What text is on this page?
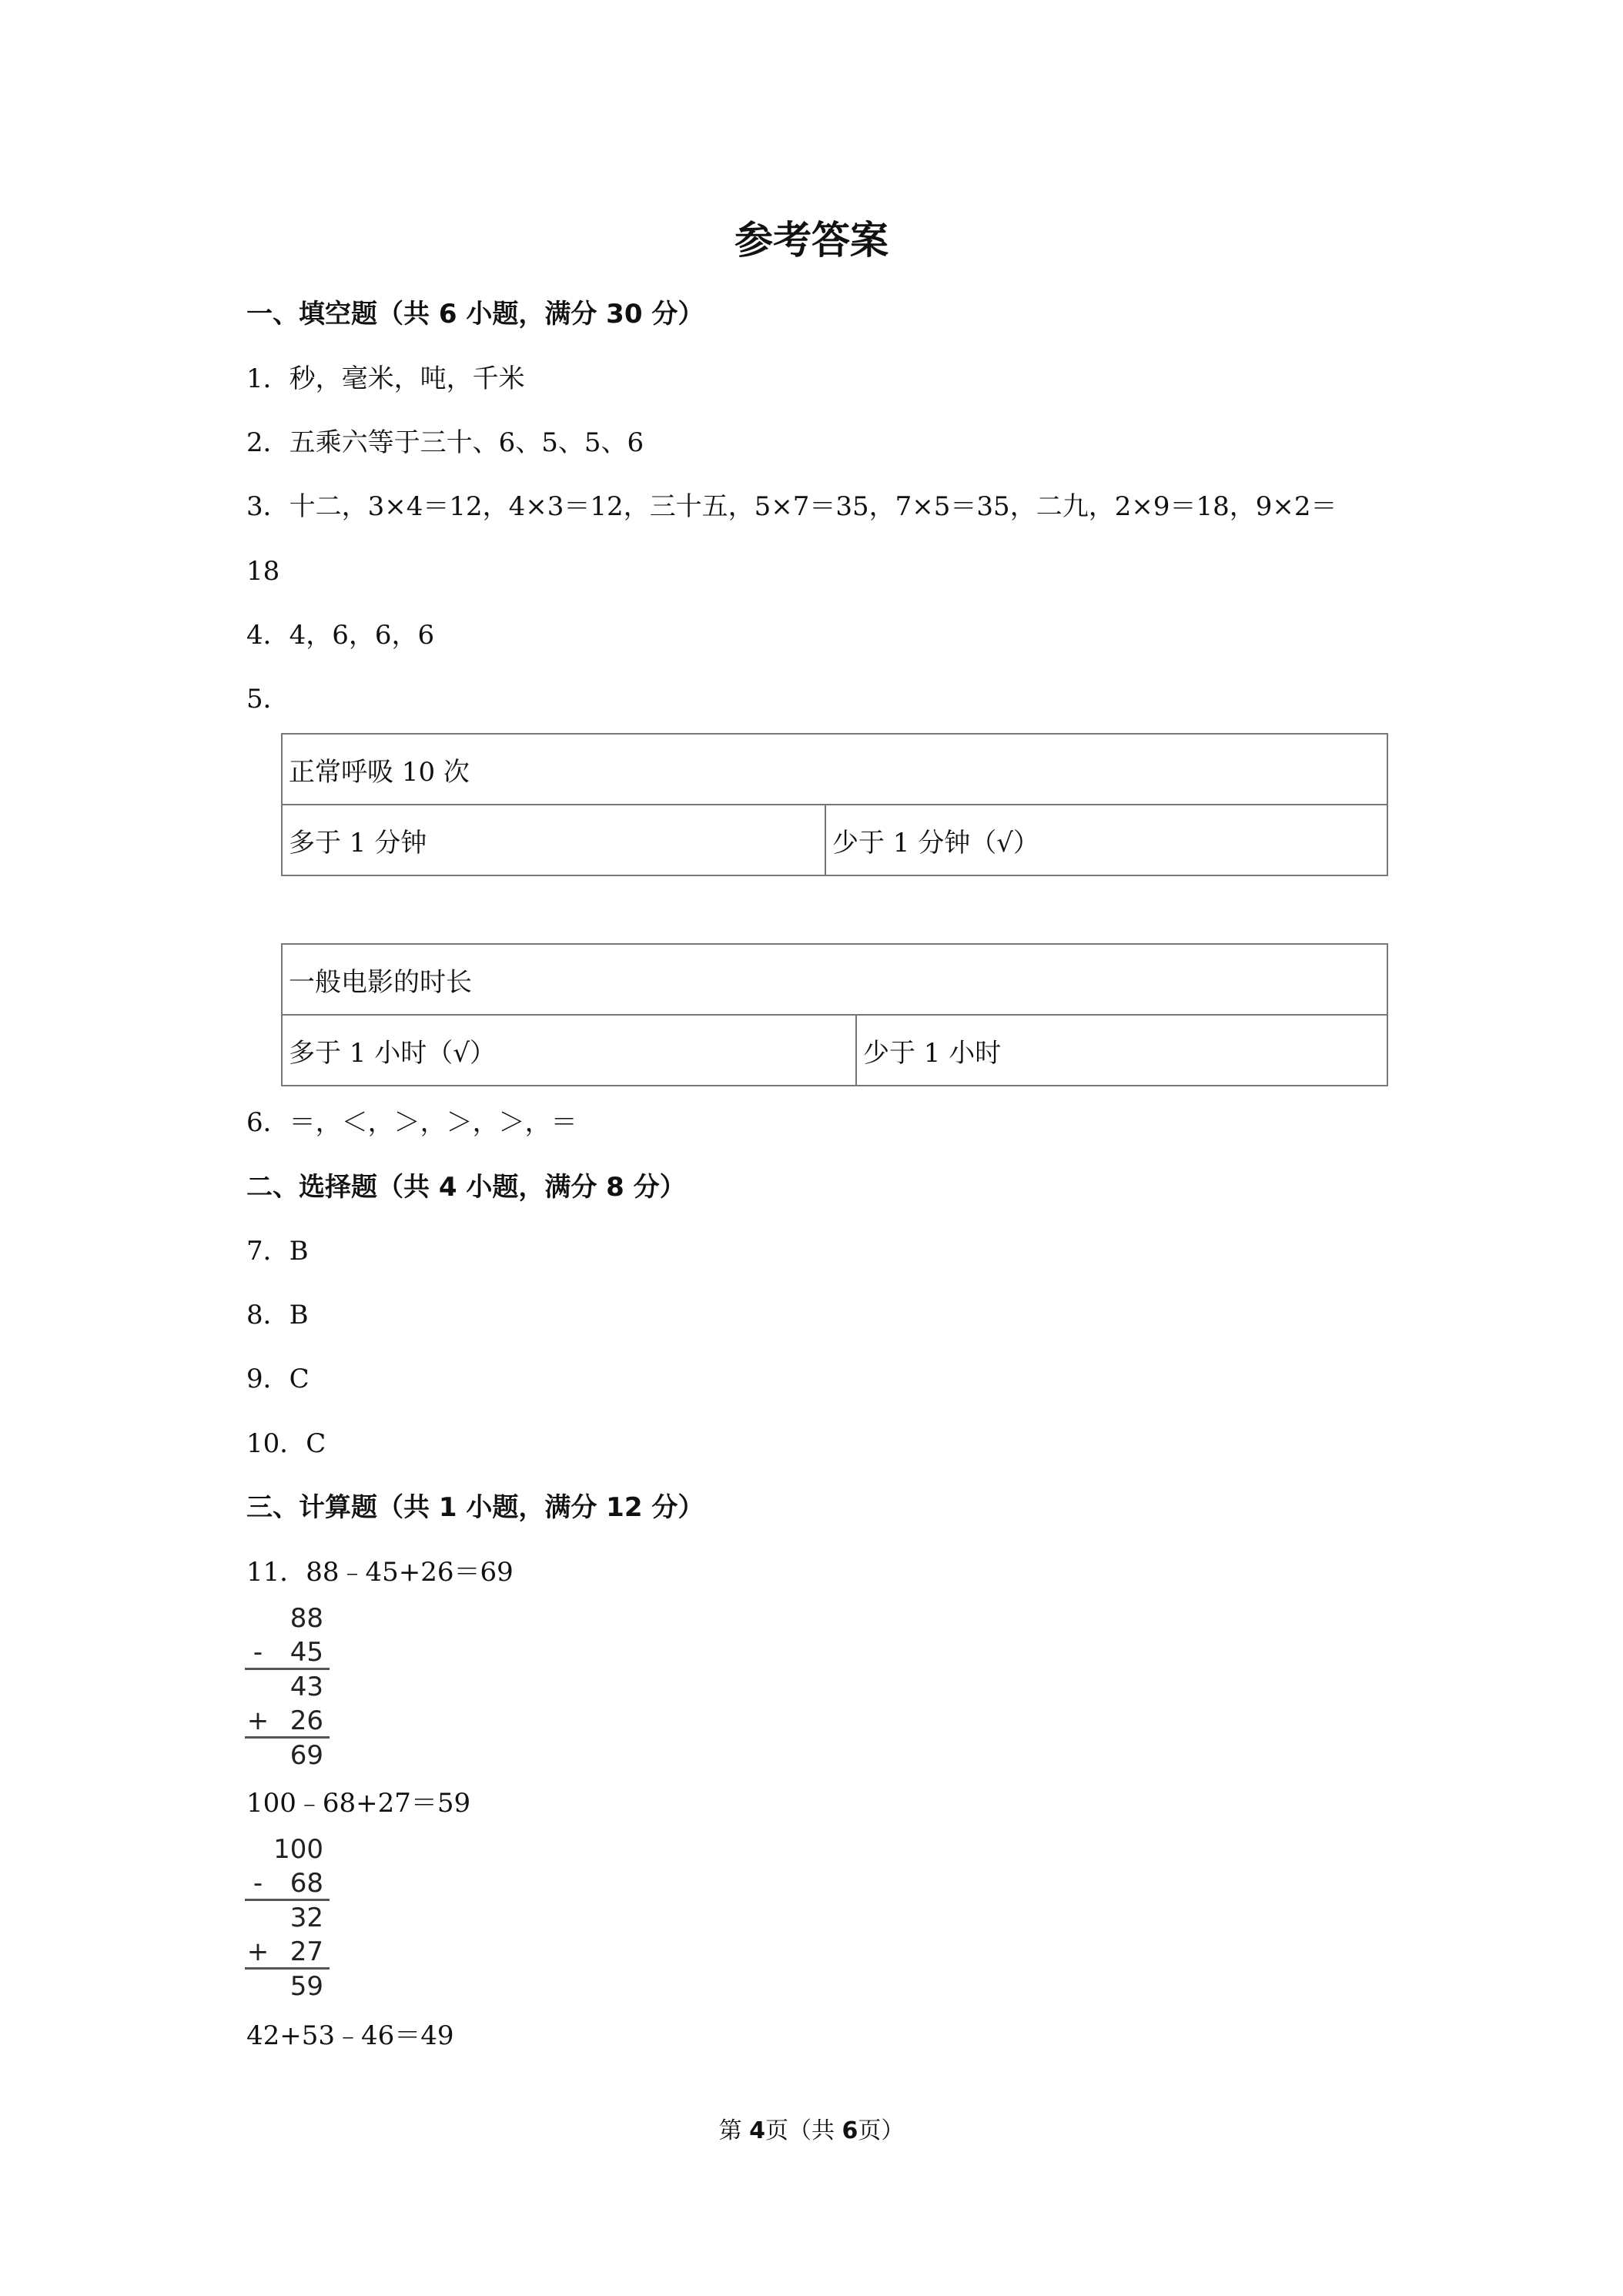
参考答案
一、填空题（共 6 小题，满分 30 分）
1．秒，毫米，吨，千米
2．五乘六等于三十、6、5、5、6
3．十二，3×4＝12，4×3＝12，三十五，5×7＝35，7×5＝35，二九，2×9＝18，9×2＝
18
4．4，6，6，6
5．
正常呼吸 10 次
多于 1 分钟	少于 1 分钟（√）
一般电影的时长
多于 1 小时（√）	少于 1 小时
6．＝，＜，＞，＞，＞，＝
二、选择题（共 4 小题，满分 8 分）
7．B
8．B
9．C
10．C
三、计算题（共 1 小题，满分 12 分）
11．88﹣45+26＝69
88
-	45
43
+ 26
69
100﹣68+27＝59
100
-	68
32
+ 27
59
42+53﹣46＝49
第 4页（共 6页）
